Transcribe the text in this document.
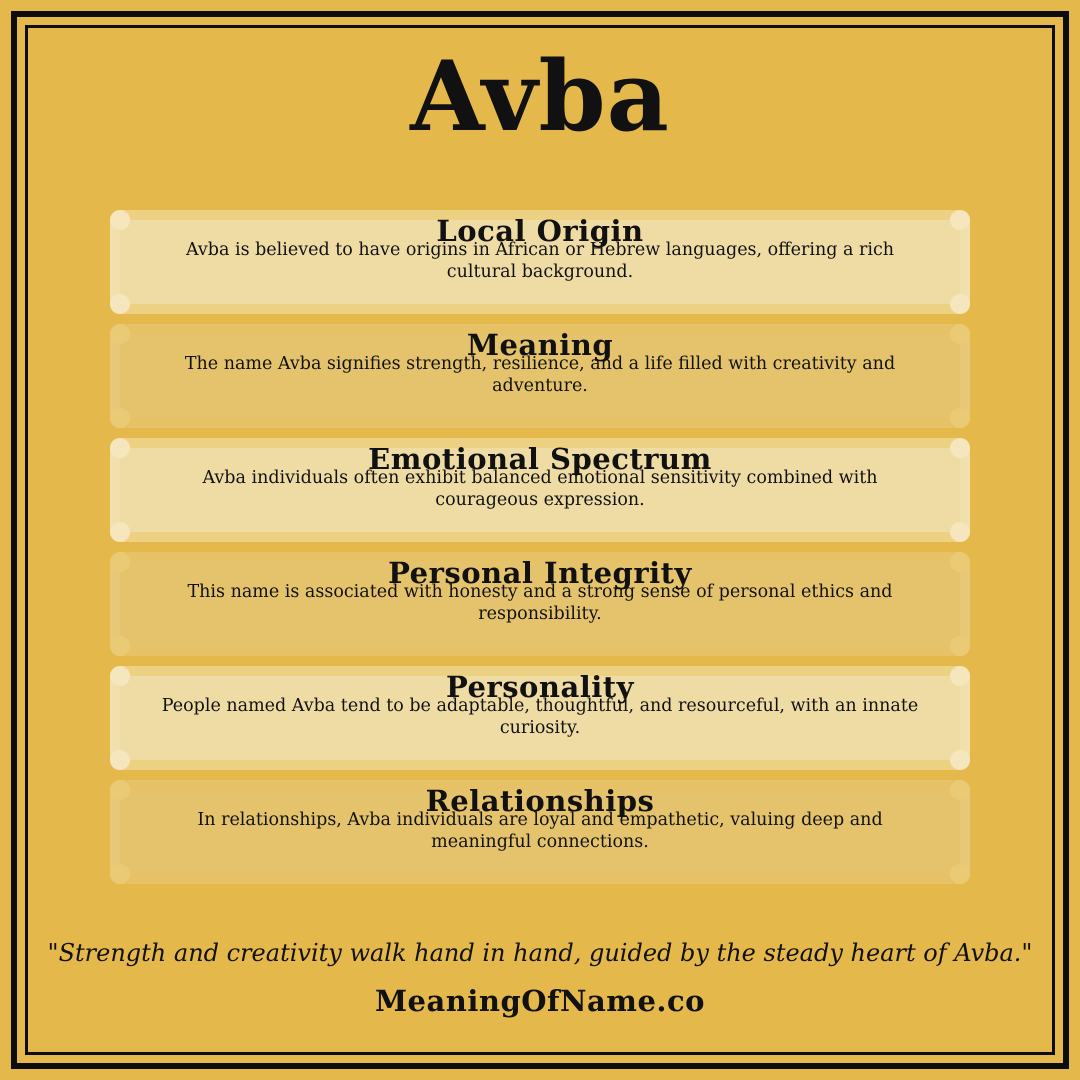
Avba
Local Origin
Avba is believed to have origins in African or Hebrew languages, offering a rich cultural background.
Meaning
The name Avba signifies strength, resilience, and a life filled with creativity and adventure.
Emotional Spectrum
Avba individuals often exhibit balanced emotional sensitivity combined with courageous expression.
Personal Integrity
This name is associated with honesty and a strong sense of personal ethics and responsibility.
Personality
People named Avba tend to be adaptable, thoughtful, and resourceful, with an innate curiosity.
Relationships
In relationships, Avba individuals are loyal and empathetic, valuing deep and meaningful connections.
"Strength and creativity walk hand in hand, guided by the steady heart of Avba."
MeaningOfName.co
